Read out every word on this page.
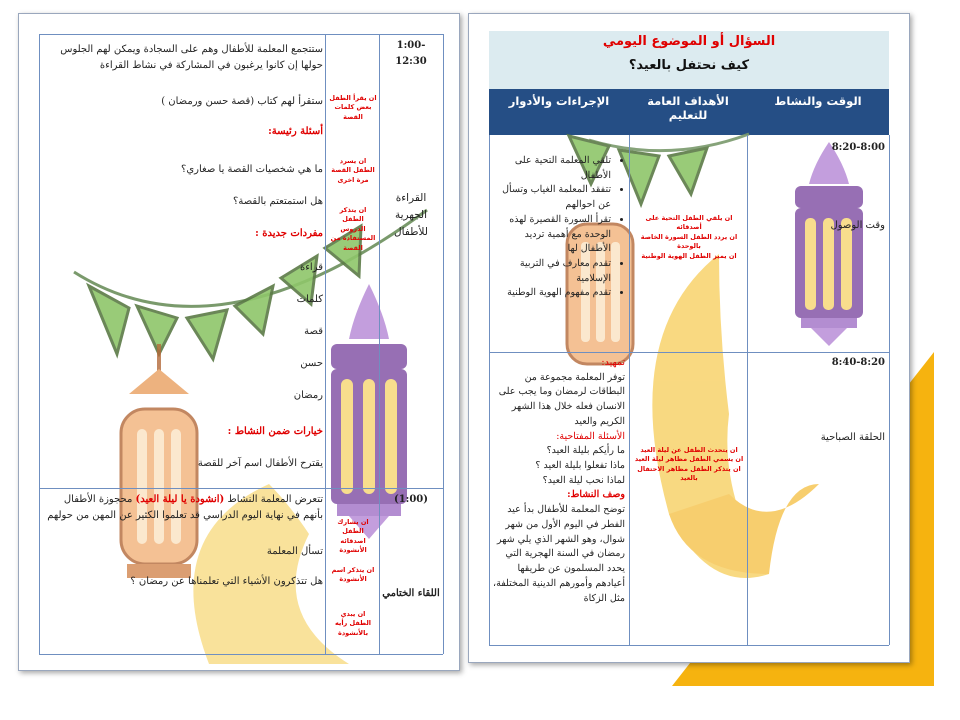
1:00-12:30
القراءة الجهرية للأطفال
ستتجمع المعلمة للأطفال وهم على السجادة ويمكن لهم الجلوس حولها إن كانوا يرغبون في المشاركة في نشاط القراءة
ستقرأ لهم كتاب (قصة حسن ورمضان )
أسئلة رئيسة:
ما هي شخصيات القصة يا صغاري؟
هل استمتعتم بالقصة؟
مفردات جديدة :
قراءة
كلمات
قصة
حسن
رمضان
خيارات ضمن النشاط :
يقترح الأطفال اسم آخر للقصة
ان يقرأ الطفل بعض كلمات القصة
ان يسرد الطفل القصة مرة اخرى
ان يتذكر الطفل الدروس المستفادة من القصة
(1:00)
اللقاء الختامي
تتعرض المعلمة النشاط (انشودة يا ليلة العيد) محجوزة الأطفال بأنهم في نهاية اليوم الدراسي قد تعلموا الكثير عن المهن من حولهم
تسأل المعلمة
هل تتذكرون الأشياء التي تعلمناها عن رمضان ؟
ان يشارك الطفل اصدقائه الأنشودة
ان يتذكر اسم الأنشودة
ان يبدي الطفل رأيه بالأنشودة
الإجراءات والأدوار	الأهداف العامة للتعليم
الوقت والنشاط
السؤال أو الموضوع اليومي
كيف نحتفل بالعيد؟
8:20-8:00
وقت الوصول
ان يلقي الطفل التحية على أصدقائه
ان يردد الطفل السورة الخاصة بالوحدة
ان يميز الطفل الهوية الوطنية
• تلقي المعلمة التحية على الأطفال
• تتفقد المعلمة الغياب وتسأل عن احوالهم
• تقرأ السورة القصيرة لهذه الوحدة مع أهمية ترديد الأطفال لها
• تقدم معارف في التربية الإسلامية
• تقدم مفهوم الهوية الوطنية
8:40-8:20
الحلقة الصباحية
ان يتحدث الطفل عن ليلة العيد
ان يسمي الطفل مظاهر ليلة العيد
ان يتذكر الطفل مظاهر الاحتفال بالعيد
تمهيد:
توفر المعلمة مجموعة من البطاقات لرمضان وما يجب على الانسان فعله خلال هذا الشهر الكريم والعيد
الأسئلة المفتاحية:
ما رأيكم بليلة العيد؟
ماذا تفعلوا بليلة العيد ؟
لماذا نحب ليلة العيد؟
وصف النشاط:
توضح المعلمة للأطفال بدأ عيد الفطر في اليوم الأول من شهر شوال، وهو الشهر الذي يلي شهر رمضان في السنة الهجرية التي يحدد المسلمون عن طريقها أعيادهم وأمورهم الدينية المختلفة، مثل الزكاة
